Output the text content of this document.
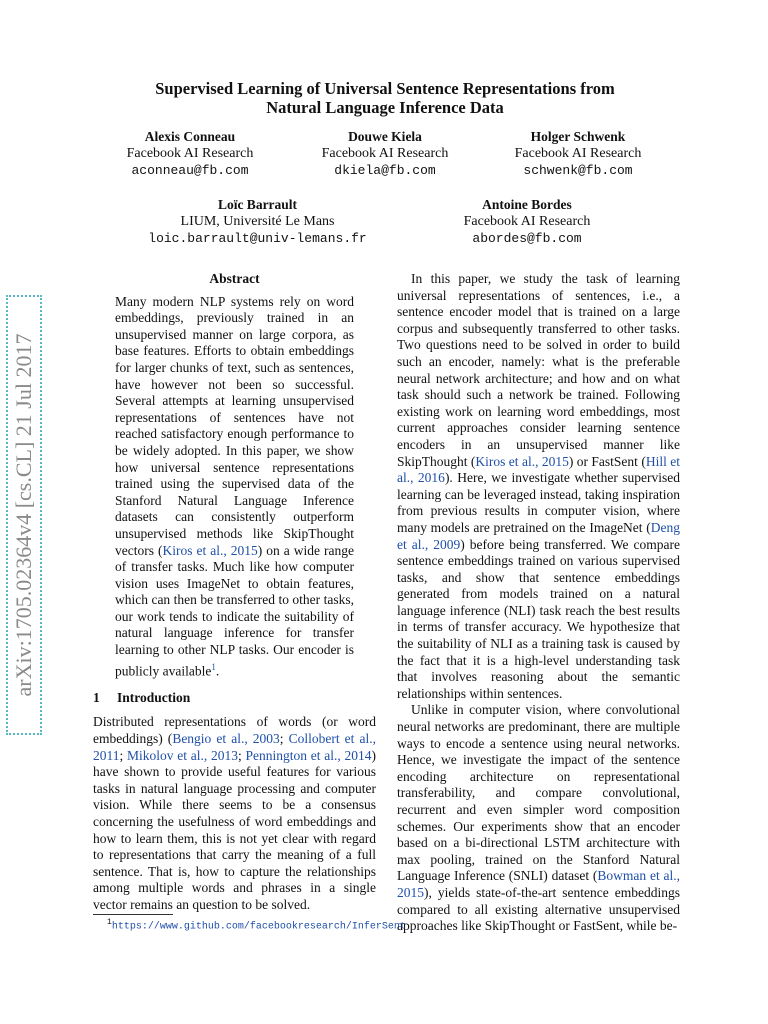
arXiv:1705.02364v4 [cs.CL] 21 Jul 2017
Supervised Learning of Universal Sentence Representations from
Natural Language Inference Data
Alexis Conneau
Facebook AI Research
aconneau@fb.com
Douwe Kiela
Facebook AI Research
dkiela@fb.com
Holger Schwenk
Facebook AI Research
schwenk@fb.com
Loïc Barrault
LIUM, Université Le Mans
loic.barrault@univ-lemans.fr
Antoine Bordes
Facebook AI Research
abordes@fb.com
Abstract

Many modern NLP systems rely on word embeddings, previously trained in an unsupervised manner on large corpora, as base features. Efforts to obtain embeddings for larger chunks of text, such as sentences, have however not been so successful. Several attempts at learning unsupervised representations of sentences have not reached satisfactory enough performance to be widely adopted. In this paper, we show how universal sentence representations trained using the supervised data of the Stanford Natural Language Inference datasets can consistently outperform unsupervised methods like SkipThought vectors (Kiros et al., 2015) on a wide range of transfer tasks. Much like how computer vision uses ImageNet to obtain features, which can then be transferred to other tasks, our work tends to indicate the suitability of natural language inference for transfer learning to other NLP tasks. Our encoder is publicly available$^1$.

1 Introduction

Distributed representations of words (or word embeddings) (Bengio et al., 2003; Collobert et al., 2011; Mikolov et al., 2013; Pennington et al., 2014) have shown to provide useful features for various tasks in natural language processing and computer vision. While there seems to be a consensus concerning the usefulness of word embeddings and how to learn them, this is not yet clear with regard to representations that carry the meaning of a full sentence. That is, how to capture the relationships among multiple words and phrases in a single vector remains an question to be solved.

In this paper, we study the task of learning universal representations of sentences, i.e., a sentence encoder model that is trained on a large corpus and subsequently transferred to other tasks. Two questions need to be solved in order to build such an encoder, namely: what is the preferable neural network architecture; and how and on what task should such a network be trained. Following existing work on learning word embeddings, most current approaches consider learning sentence encoders in an unsupervised manner like SkipThought (Kiros et al., 2015) or FastSent (Hill et al., 2016). Here, we investigate whether supervised learning can be leveraged instead, taking inspiration from previous results in computer vision, where many models are pretrained on the ImageNet (Deng et al., 2009) before being transferred. We compare sentence embeddings trained on various supervised tasks, and show that sentence embeddings generated from models trained on a natural language inference (NLI) task reach the best results in terms of transfer accuracy. We hypothesize that the suitability of NLI as a training task is caused by the fact that it is a high-level understanding task that involves reasoning about the semantic relationships within sentences.

Unlike in computer vision, where convolutional neural networks are predominant, there are multiple ways to encode a sentence using neural networks. Hence, we investigate the impact of the sentence encoding architecture on representational transferability, and compare convolutional, recurrent and even simpler word composition schemes. Our experiments show that an encoder based on a bi-directional LSTM architecture with max pooling, trained on the Stanford Natural Language Inference (SNLI) dataset (Bowman et al., 2015), yields state-of-the-art sentence embeddings compared to all existing alternative unsupervised approaches like SkipThought or FastSent, while be-

$^1$https://www.github.com/facebookresearch/InferSent
